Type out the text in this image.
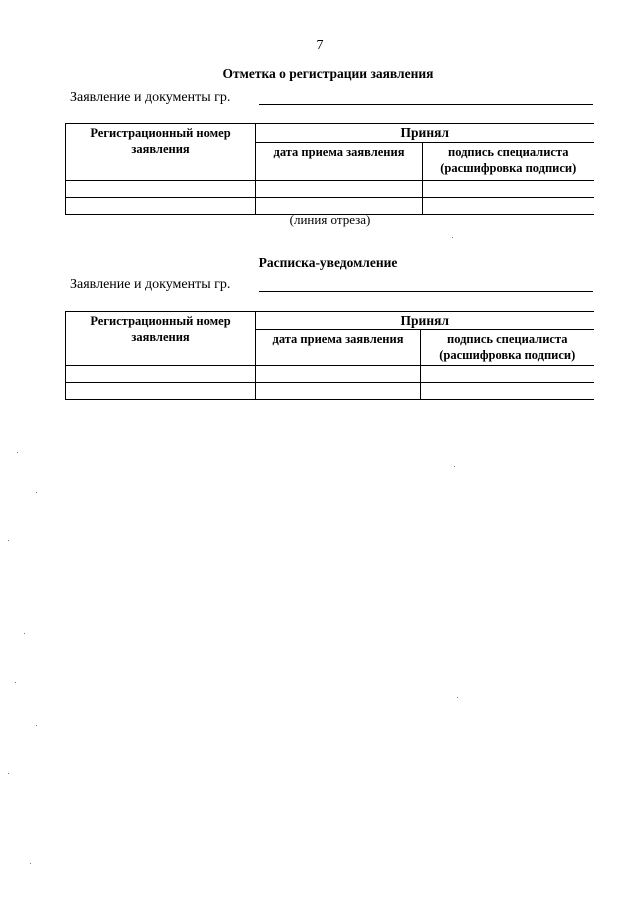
7
Отметка о регистрации заявления
Заявление и документы гр.
Регистрационный номер заявления	Принял	
	дата приема заявления	подпись специалиста (расшифровка подписи)

(линия отреза)
Расписка-уведомление
Заявление и документы гр.
Регистрационный номер заявления	Принял	
	дата приема заявления	подпись специалиста (расшифровка подписи)
